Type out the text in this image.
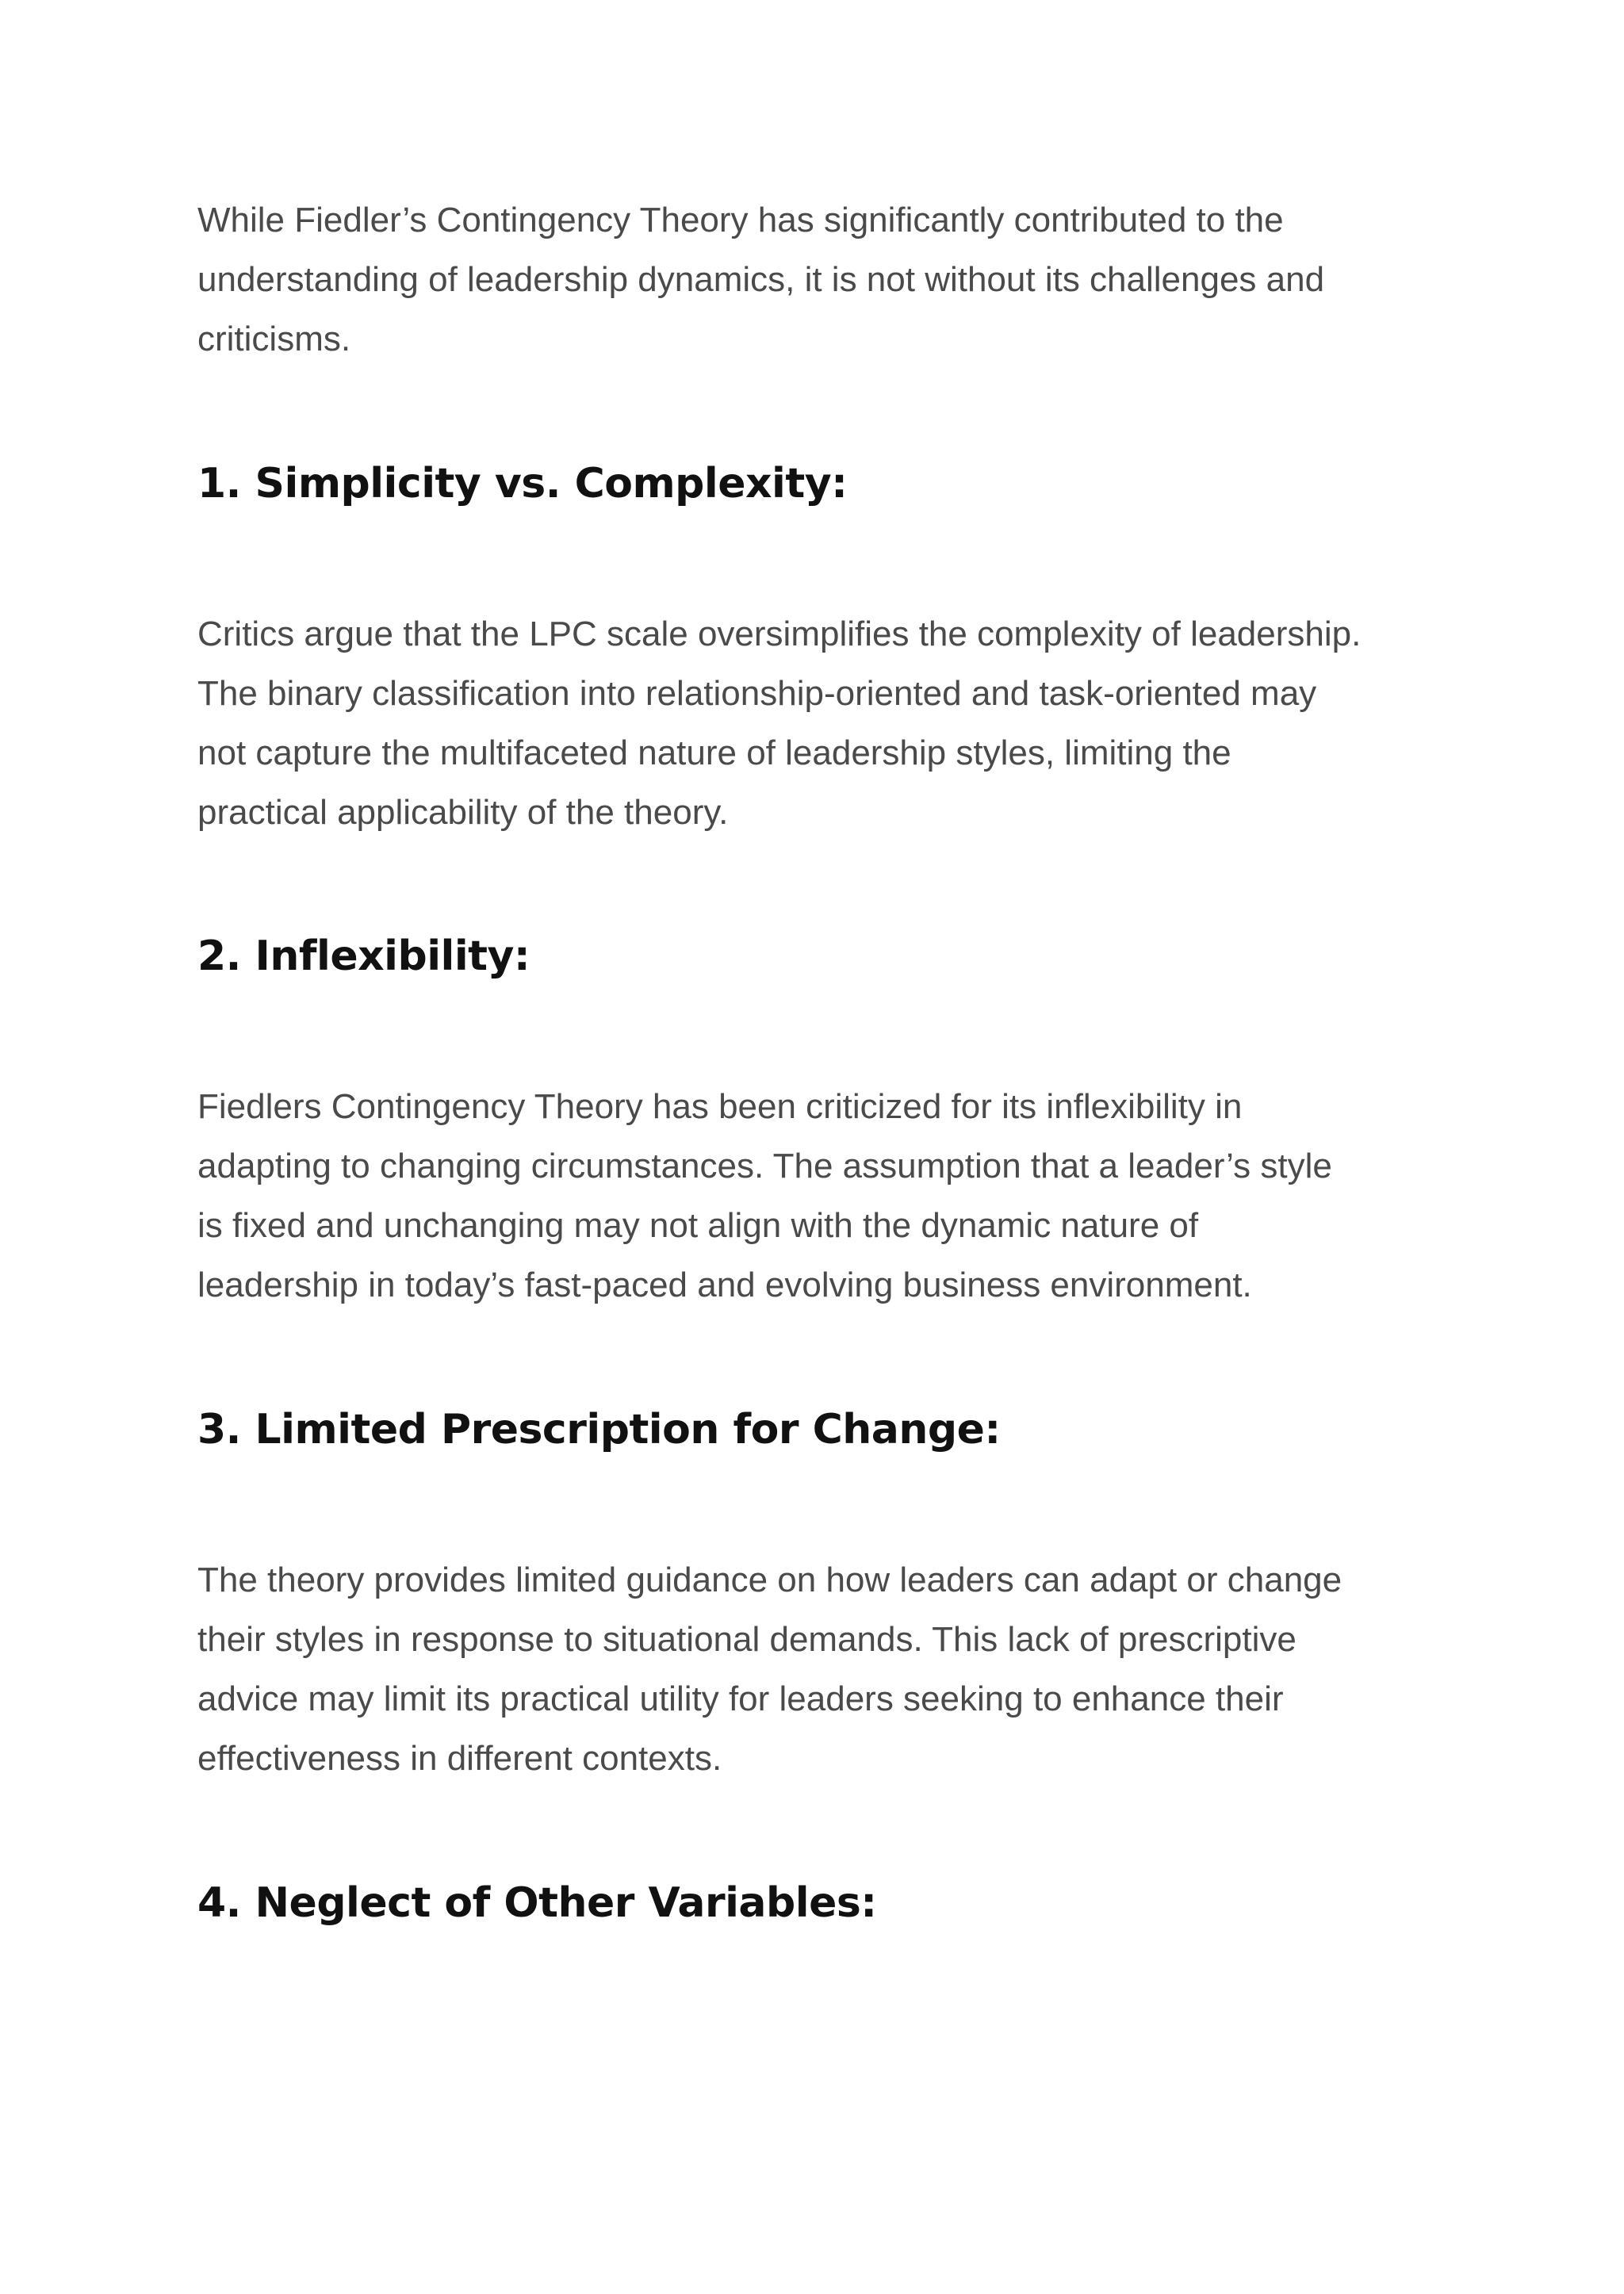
While Fiedler’s Contingency Theory has significantly contributed to the

understanding of leadership dynamics, it is not without its challenges and

criticisms.

1. Simplicity vs. Complexity:

Critics argue that the LPC scale oversimplifies the complexity of leadership.

The binary classification into relationship-oriented and task-oriented may

not capture the multifaceted nature of leadership styles, limiting the

practical applicability of the theory.

2. Inflexibility:

Fiedlers Contingency Theory has been criticized for its inflexibility in

adapting to changing circumstances. The assumption that a leader’s style

is fixed and unchanging may not align with the dynamic nature of

leadership in today’s fast-paced and evolving business environment.

3. Limited Prescription for Change:

The theory provides limited guidance on how leaders can adapt or change

their styles in response to situational demands. This lack of prescriptive

advice may limit its practical utility for leaders seeking to enhance their

effectiveness in different contexts.

4. Neglect of Other Variables:
